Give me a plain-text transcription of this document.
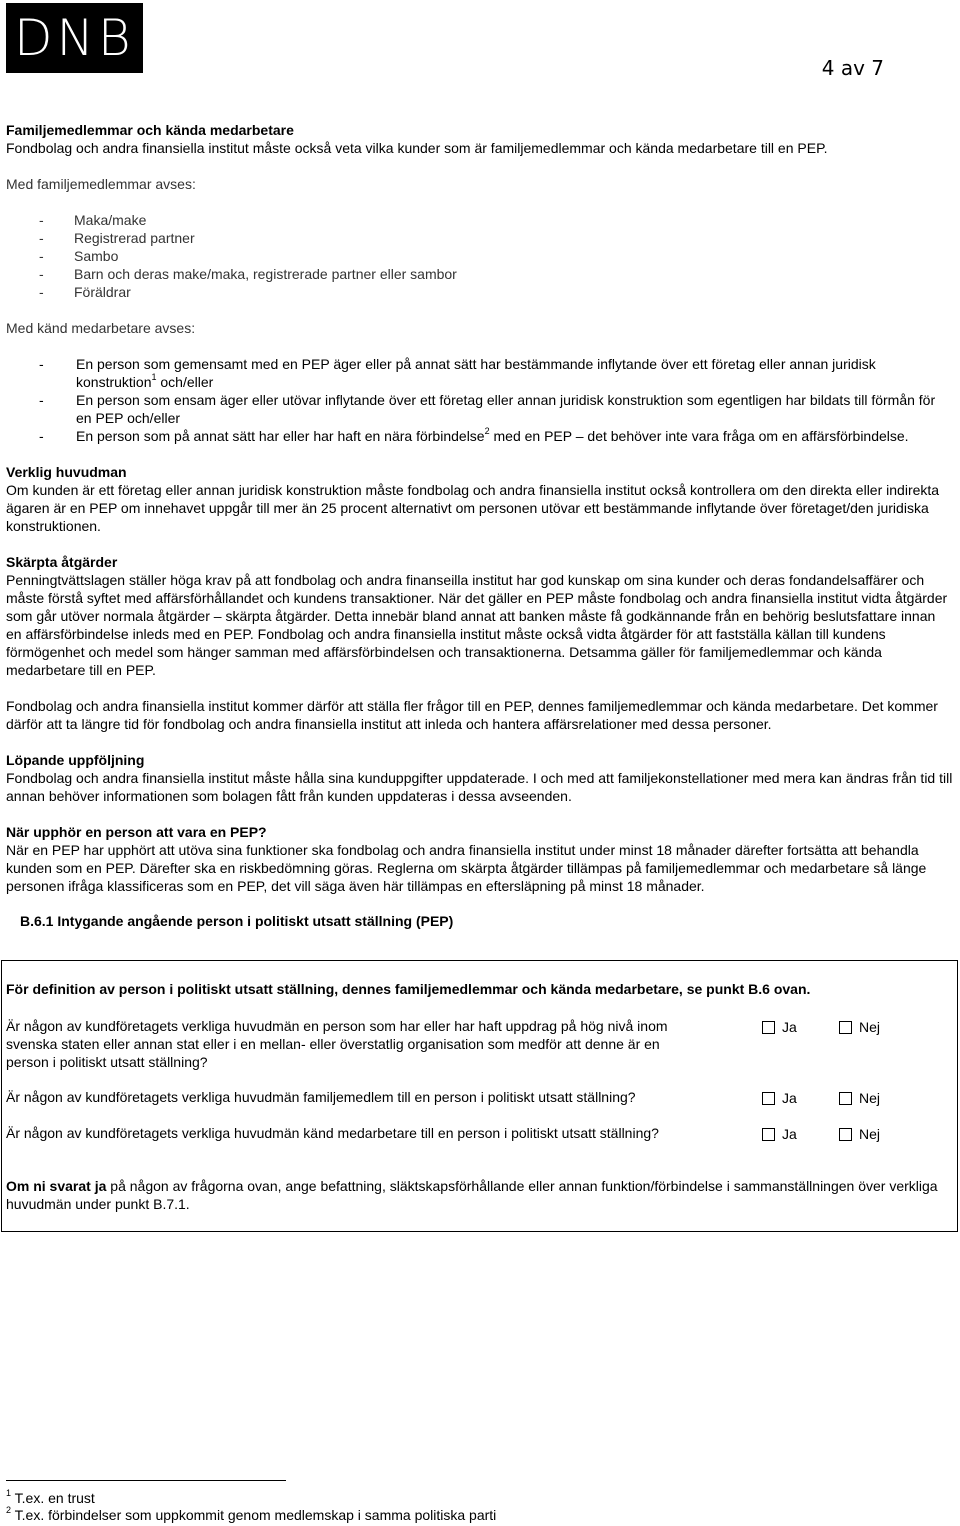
DNB
4 av 7

Familjemedlemmar och kända medarbetare

Fondbolag och andra finansiella institut måste också veta vilka kunder som är familjemedlemmar och kända medarbetare till en PEP.

Med familjemedlemmar avses:

- Maka/make
- Registrerad partner
- Sambo
- Barn och deras make/maka, registrerade partner eller sambor
- Föräldrar

Med känd medarbetare avses:

- En person som gemensamt med en PEP äger eller på annat sätt har bestämmande inflytande över ett företag eller annan juridisk konstruktion$^1$ och/eller
- En person som ensam äger eller utövar inflytande över ett företag eller annan juridisk konstruktion som egentligen har bildats till förmån för en PEP och/eller
- En person som på annat sätt har eller har haft en nära förbindelse$^2$ med en PEP – det behöver inte vara fråga om en affärsförbindelse.

Verklig huvudman

Om kunden är ett företag eller annan juridisk konstruktion måste fondbolag och andra finansiella institut också kontrollera om den direkta eller indirekta ägaren är en PEP om innehavet uppgår till mer än 25 procent alternativt om personen utövar ett bestämmande inflytande över företaget/den juridiska konstruktionen.

Skärpta åtgärder

Penningtvättslagen ställer höga krav på att fondbolag och andra finanseilla institut har god kunskap om sina kunder och deras fondandelsaffärer och måste förstå syftet med affärsförhållandet och kundens transaktioner. När det gäller en PEP måste fondbolag och andra finansiella institut vidta åtgärder som går utöver normala åtgärder – skärpta åtgärder. Detta innebär bland annat att banken måste få godkännande från en behörig beslutsfattare innan en affärsförbindelse inleds med en PEP. Fondbolag och andra finansiella institut måste också vidta åtgärder för att fastställa källan till kundens förmögenhet och medel som hänger samman med affärsförbindelsen och transaktionerna. Detsamma gäller för familjemedlemmar och kända medarbetare till en PEP.

Fondbolag och andra finansiella institut kommer därför att ställa fler frågor till en PEP, dennes familjemedlemmar och kända medarbetare. Det kommer därför att ta längre tid för fondbolag och andra finansiella institut att inleda och hantera affärsrelationer med dessa personer.

Löpande uppföljning

Fondbolag och andra finansiella institut måste hålla sina kunduppgifter uppdaterade. I och med att familjekonstellationer med mera kan ändras från tid till annan behöver informationen som bolagen fått från kunden uppdateras i dessa avseenden.

När upphör en person att vara en PEP?

När en PEP har upphört att utöva sina funktioner ska fondbolag och andra finansiella institut under minst 18 månader därefter fortsätta att behandla kunden som en PEP. Därefter ska en riskbedömning göras. Reglerna om skärpta åtgärder tillämpas på familjemedlemmar och medarbetare så länge personen ifråga klassificeras som en PEP, det vill säga även här tillämpas en eftersläpning på minst 18 månader.

B.6.1 Intygande angående person i politiskt utsatt ställning (PEP)

För definition av person i politiskt utsatt ställning, dennes familjemedlemmar och kända medarbetare, se punkt B.6 ovan.

Är någon av kundföretagets verkliga huvudmän en person som har eller har haft uppdrag på hög nivå inom svenska staten eller annan stat eller i en mellan- eller överstatlig organisation som medför att denne är en person i politiskt utsatt ställning?

Ja	Nej

Är någon av kundföretagets verkliga huvudmän familjemedlem till en person i politiskt utsatt ställning?	Ja	Nej

Är någon av kundföretagets verkliga huvudmän känd medarbetare till en person i politiskt utsatt ställning?	Ja	Nej

Om ni svarat ja på någon av frågorna ovan, ange befattning, släktskapsförhållande eller annan funktion/förbindelse i sammanställningen över verkliga huvudmän under punkt B.7.1.

$^1$ T.ex. en trust
$^2$ T.ex. förbindelser som uppkommit genom medlemskap i samma politiska parti
